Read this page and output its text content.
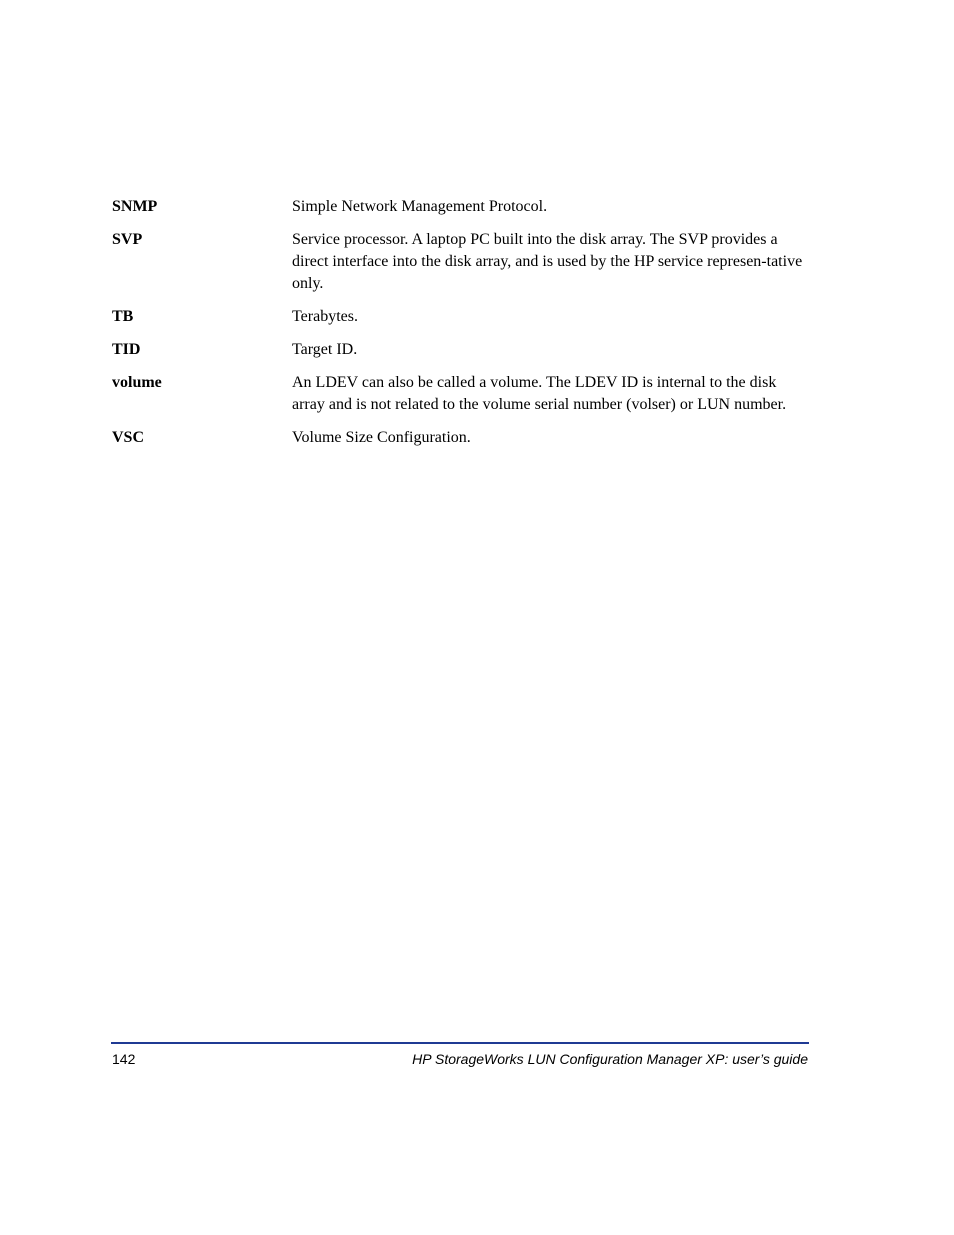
SNMP	Simple Network Management Protocol.
SVP	Service processor. A laptop PC built into the disk array. The SVP provides a direct interface into the disk array, and is used by the HP service represen-tative only.
TB	Terabytes.
TID	Target ID.
volume	An LDEV can also be called a volume. The LDEV ID is internal to the disk array and is not related to the volume serial number (volser) or LUN number.
VSC	Volume Size Configuration.
142	HP StorageWorks LUN Configuration Manager XP: user’s guide
